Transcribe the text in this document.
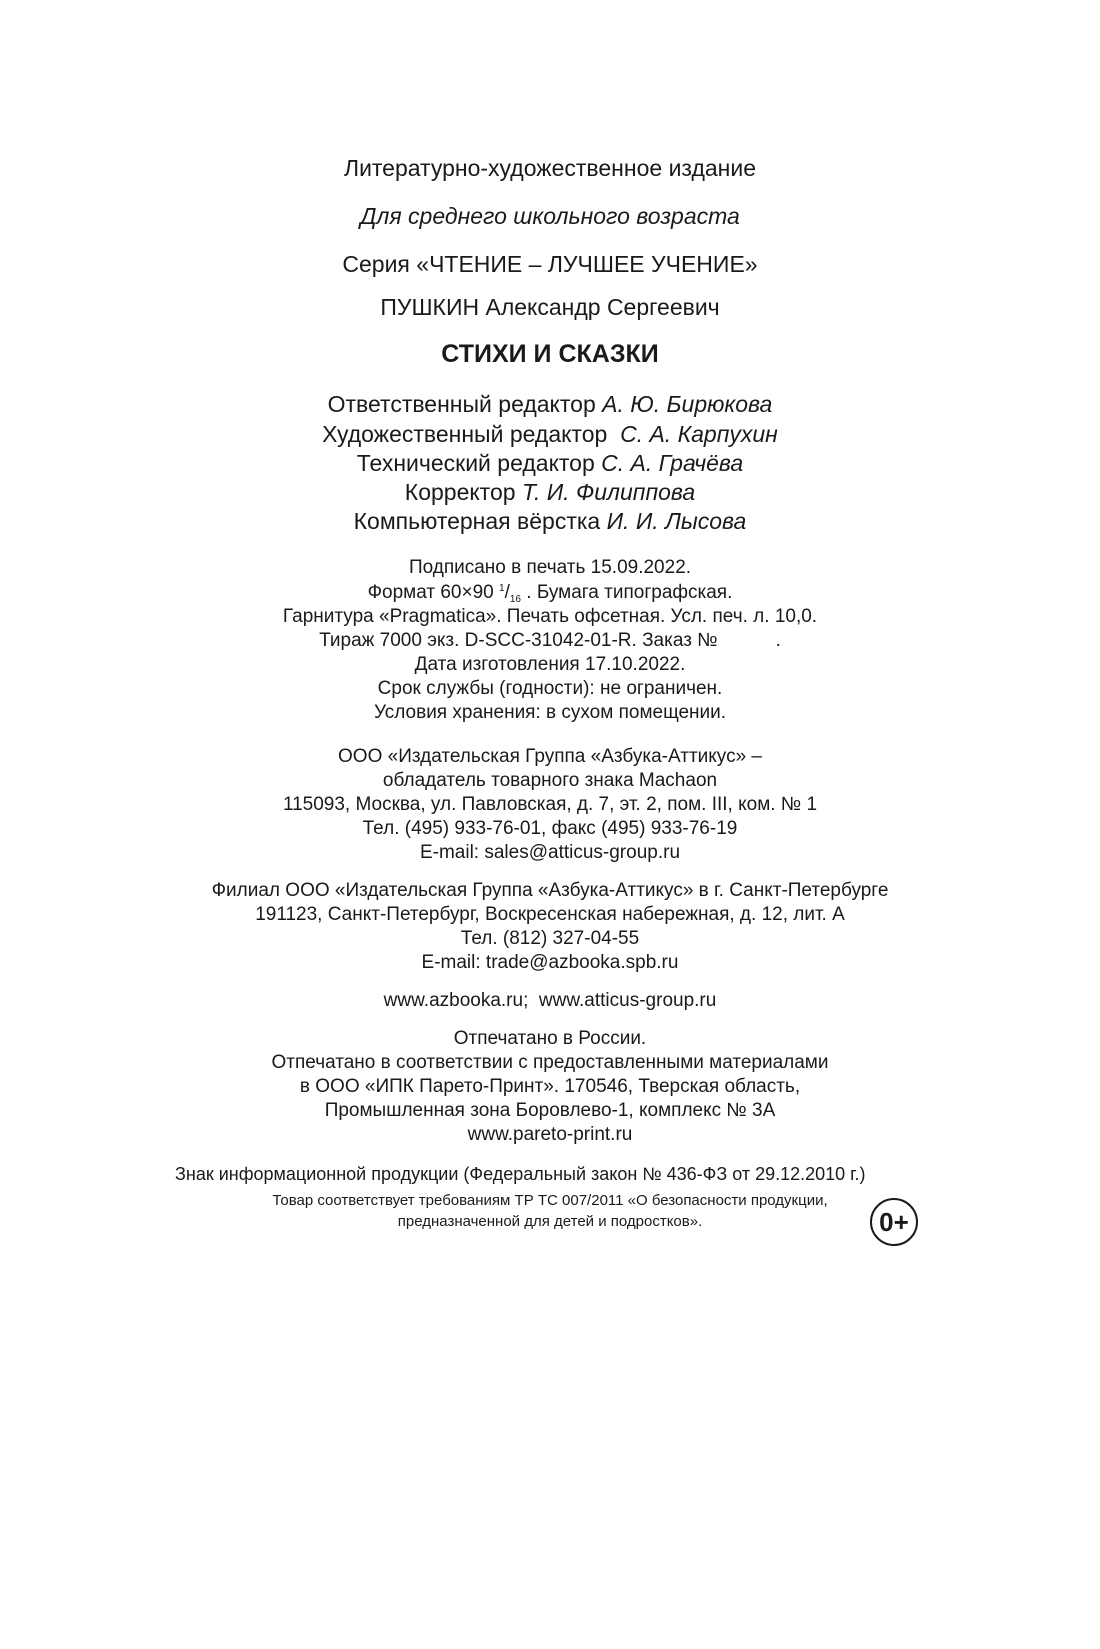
Литературно-художественное издание
Для среднего школьного возраста
Серия «ЧТЕНИЕ – ЛУЧШЕЕ УЧЕНИЕ»
ПУШКИН Александр Сергеевич
СТИХИ И СКАЗКИ
Ответственный редактор А. Ю. Бирюкова
Художественный редактор  С. А. Карпухин
Технический редактор С. А. Грачёва
Корректор Т. И. Филиппова
Компьютерная вёрстка И. И. Лысова
Подписано в печать 15.09.2022.
Формат 60×90 $^1/_{16}$ . Бумага типографская.
Гарнитура «Pragmatica». Печать офсетная. Усл. печ. л. 10,0.
Тираж 7000 экз. D-SCC-31042-01-R. Заказ №	.
Дата изготовления 17.10.2022.
Срок службы (годности): не ограничен.
Условия хранения: в сухом помещении.
ООО «Издательская Группа «Азбука-Аттикус» –
обладатель товарного знака Machaon
115093, Москва, ул. Павловская, д. 7, эт. 2, пом. III, ком. № 1
Тел. (495) 933-76-01, факс (495) 933-76-19
E-mail: sales@atticus-group.ru
Филиал ООО «Издательская Группа «Азбука-Аттикус» в г. Санкт-Петербурге
191123, Санкт-Петербург, Воскресенская набережная, д. 12, лит. А
Тел. (812) 327-04-55
E-mail: trade@azbooka.spb.ru
www.azbooka.ru;  www.atticus-group.ru
Отпечатано в России.
Отпечатано в соответствии с предоставленными материалами
в ООО «ИПК Парето-Принт». 170546, Тверская область,
Промышленная зона Боровлево-1, комплекс № 3А
www.pareto-print.ru
Знак информационной продукции (Федеральный закон № 436-ФЗ от 29.12.2010 г.)
0+
Товар соответствует требованиям ТР ТС 007/2011 «О безопасности продукции,
предназначенной для детей и подростков».
